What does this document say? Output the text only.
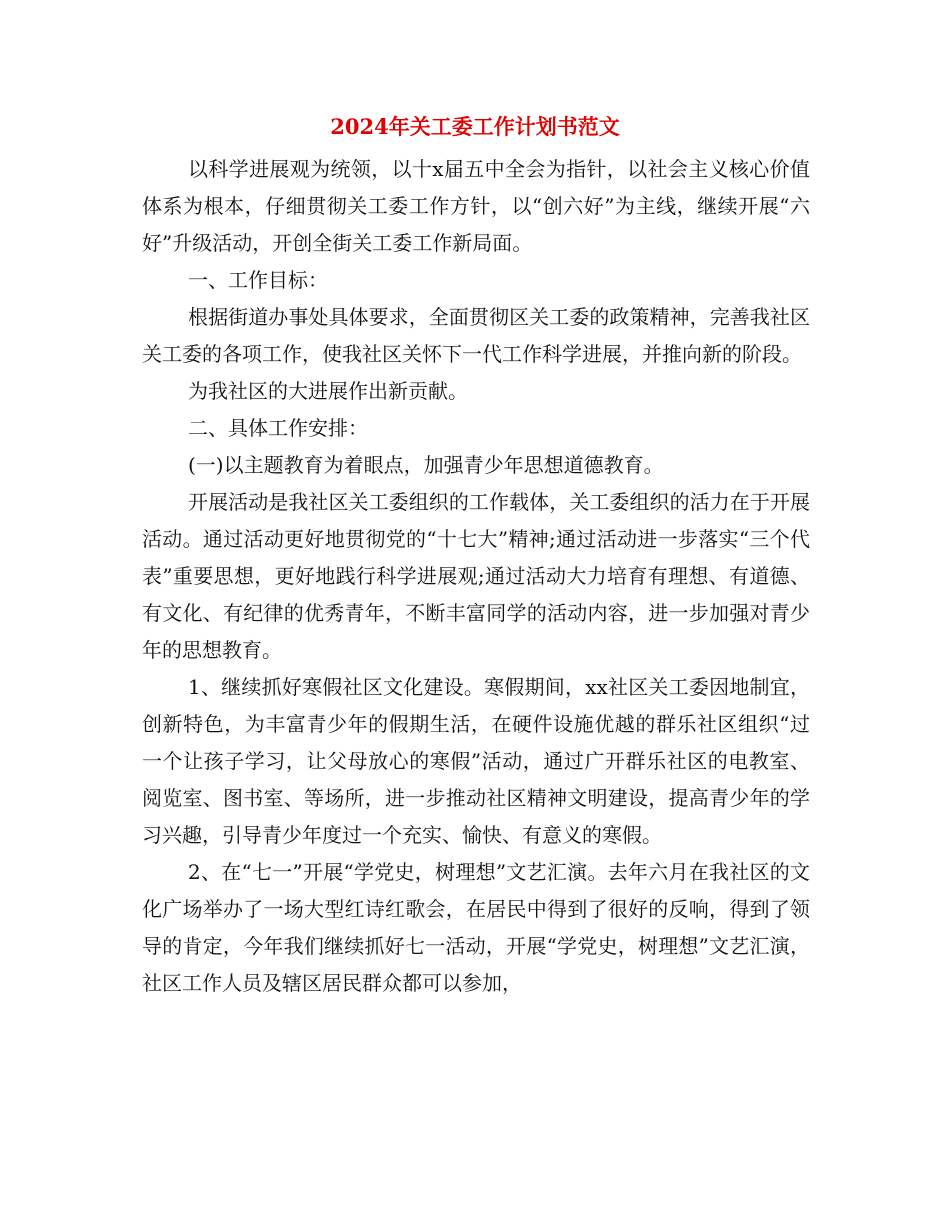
2024年关工委工作计划书范文

以科学进展观为统领，以十x届五中全会为指针，以社会主义核心价值体系为根本，仔细贯彻关工委工作方针，以“创六好”为主线，继续开展“六好”升级活动，开创全街关工委工作新局面。

一、工作目标：

根据街道办事处具体要求，全面贯彻区关工委的政策精神，完善我社区关工委的各项工作，使我社区关怀下一代工作科学进展，并推向新的阶段。

为我社区的大进展作出新贡献。

二、具体工作安排：

(一)以主题教育为着眼点，加强青少年思想道德教育。

开展活动是我社区关工委组织的工作载体，关工委组织的活力在于开展活动。通过活动更好地贯彻党的“十七大”精神;通过活动进一步落实“三个代表”重要思想，更好地践行科学进展观;通过活动大力培育有理想、有道德、有文化、有纪律的优秀青年，不断丰富同学的活动内容，进一步加强对青少年的思想教育。

1、继续抓好寒假社区文化建设。寒假期间，xx社区关工委因地制宜，创新特色，为丰富青少年的假期生活，在硬件设施优越的群乐社区组织“过一个让孩子学习，让父母放心的寒假”活动，通过广开群乐社区的电教室、阅览室、图书室、等场所，进一步推动社区精神文明建设，提高青少年的学习兴趣，引导青少年度过一个充实、愉快、有意义的寒假。

2、在“七一”开展“学党史，树理想”文艺汇演。去年六月在我社区的文化广场举办了一场大型红诗红歌会，在居民中得到了很好的反响，得到了领导的肯定，今年我们继续抓好七一活动，开展“学党史，树理想”文艺汇演，社区工作人员及辖区居民群众都可以参加，
